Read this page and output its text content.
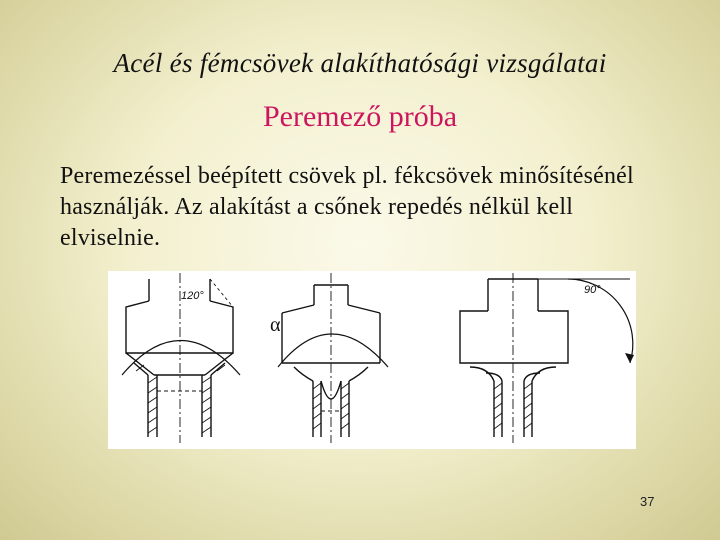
Acél és fémcsövek alakíthatósági vizsgálatai
Peremező próba
Peremezéssel beépített csövek pl. fékcsövek minősítésénél használják. Az alakítást a csőnek repedés nélkül kell elviselnie.
120°
α
90°
37
